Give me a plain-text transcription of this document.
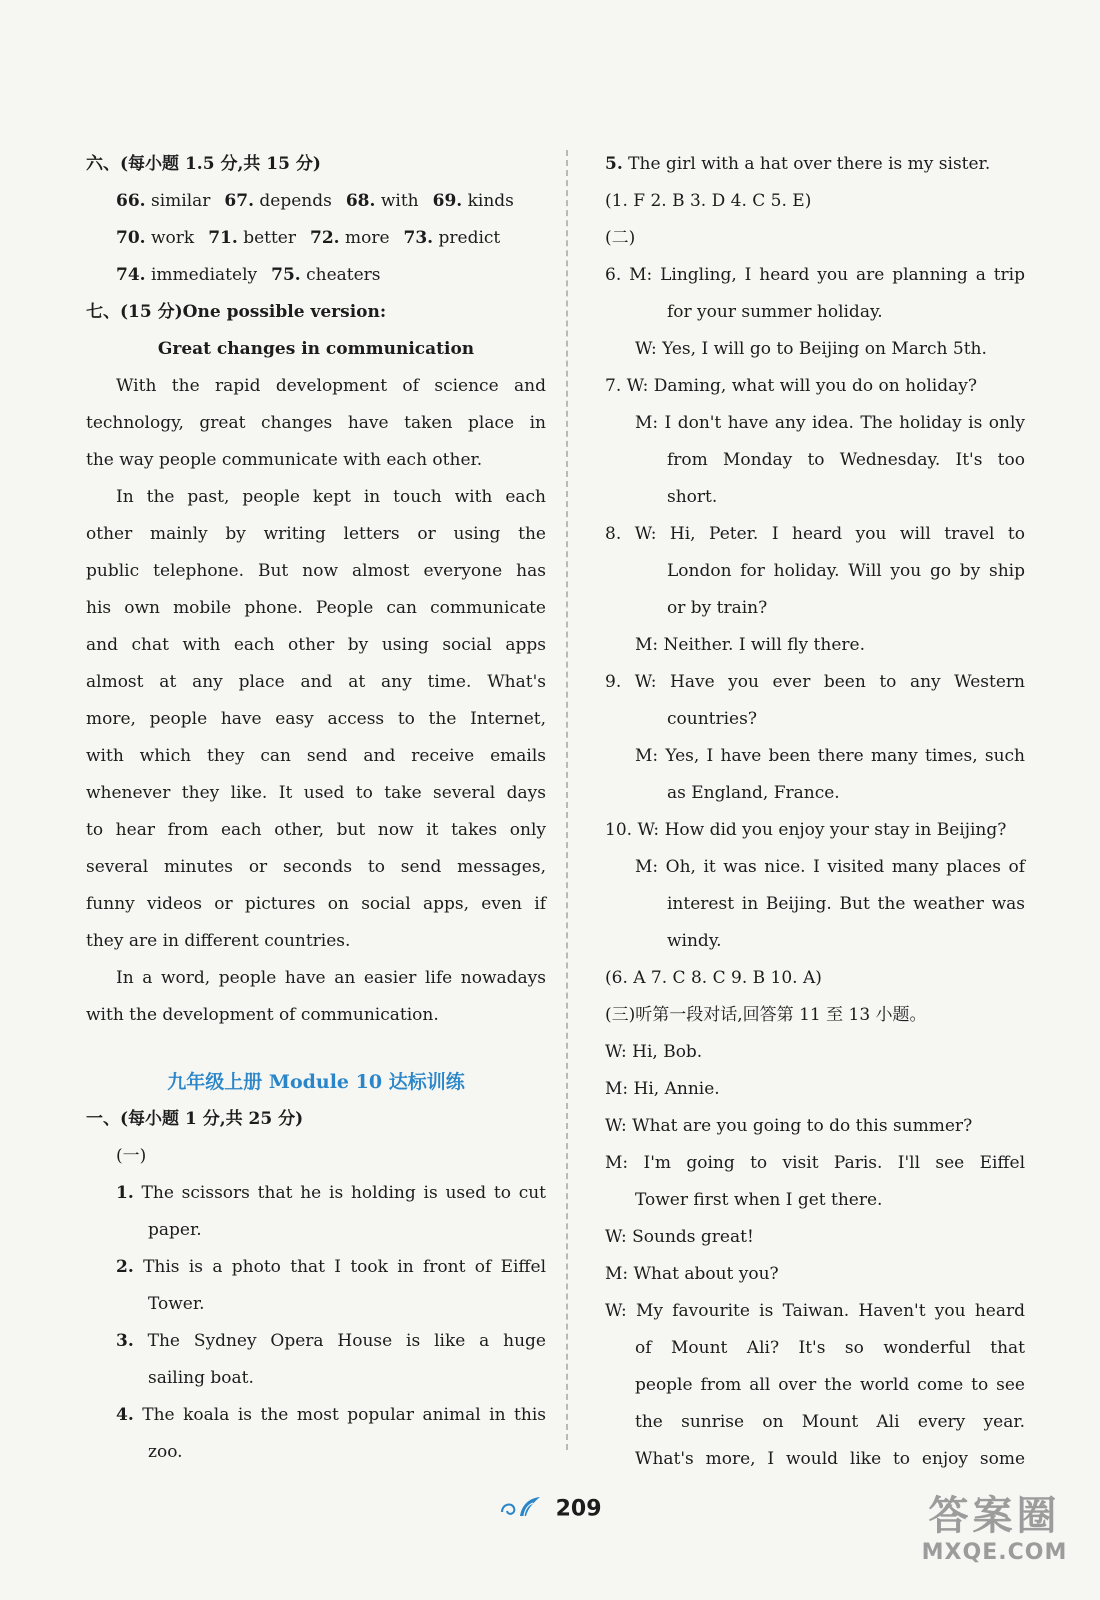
六、(每小题 1.5 分,共 15 分)
66. similar 67. depends 68. with 69. kinds
70. work 71. better 72. more 73. predict
74. immediately 75. cheaters
七、(15 分)One possible version:
Great changes in communication
With the rapid development of science and
technology, great changes have taken place in
the way people communicate with each other.
In the past, people kept in touch with each
other mainly by writing letters or using the
public telephone. But now almost everyone has
his own mobile phone. People can communicate
and chat with each other by using social apps
almost at any place and at any time. What's
more, people have easy access to the Internet,
with which they can send and receive emails
whenever they like. It used to take several days
to hear from each other, but now it takes only
several minutes or seconds to send messages,
funny videos or pictures on social apps, even if
they are in different countries.
In a word, people have an easier life nowadays
with the development of communication.
九年级上册 Module 10 达标训练
一、(每小题 1 分,共 25 分)
(一)
1. The scissors that he is holding is used to cut
paper.
2. This is a photo that I took in front of Eiffel
Tower.
3. The Sydney Opera House is like a huge
sailing boat.
4. The koala is the most popular animal in this
zoo.
5. The girl with a hat over there is my sister.
(1. F 2. B 3. D 4. C 5. E)
(二)
6. M: Lingling, I heard you are planning a trip
for your summer holiday.
W: Yes, I will go to Beijing on March 5th.
7. W: Daming, what will you do on holiday?
M: I don't have any idea. The holiday is only
from Monday to Wednesday. It's too
short.
8. W: Hi, Peter. I heard you will travel to
London for holiday. Will you go by ship
or by train?
M: Neither. I will fly there.
9. W: Have you ever been to any Western
countries?
M: Yes, I have been there many times, such
as England, France.
10. W: How did you enjoy your stay in Beijing?
M: Oh, it was nice. I visited many places of
interest in Beijing. But the weather was
windy.
(6. A 7. C 8. C 9. B 10. A)
(三)听第一段对话,回答第 11 至 13 小题。
W: Hi, Bob.
M: Hi, Annie.
W: What are you going to do this summer?
M: I'm going to visit Paris. I'll see Eiffel
Tower first when I get there.
W: Sounds great!
M: What about you?
W: My favourite is Taiwan. Haven't you heard
of Mount Ali? It's so wonderful that
people from all over the world come to see
the sunrise on Mount Ali every year.
What's more, I would like to enjoy some
209	答案圈
MXQE.COM
